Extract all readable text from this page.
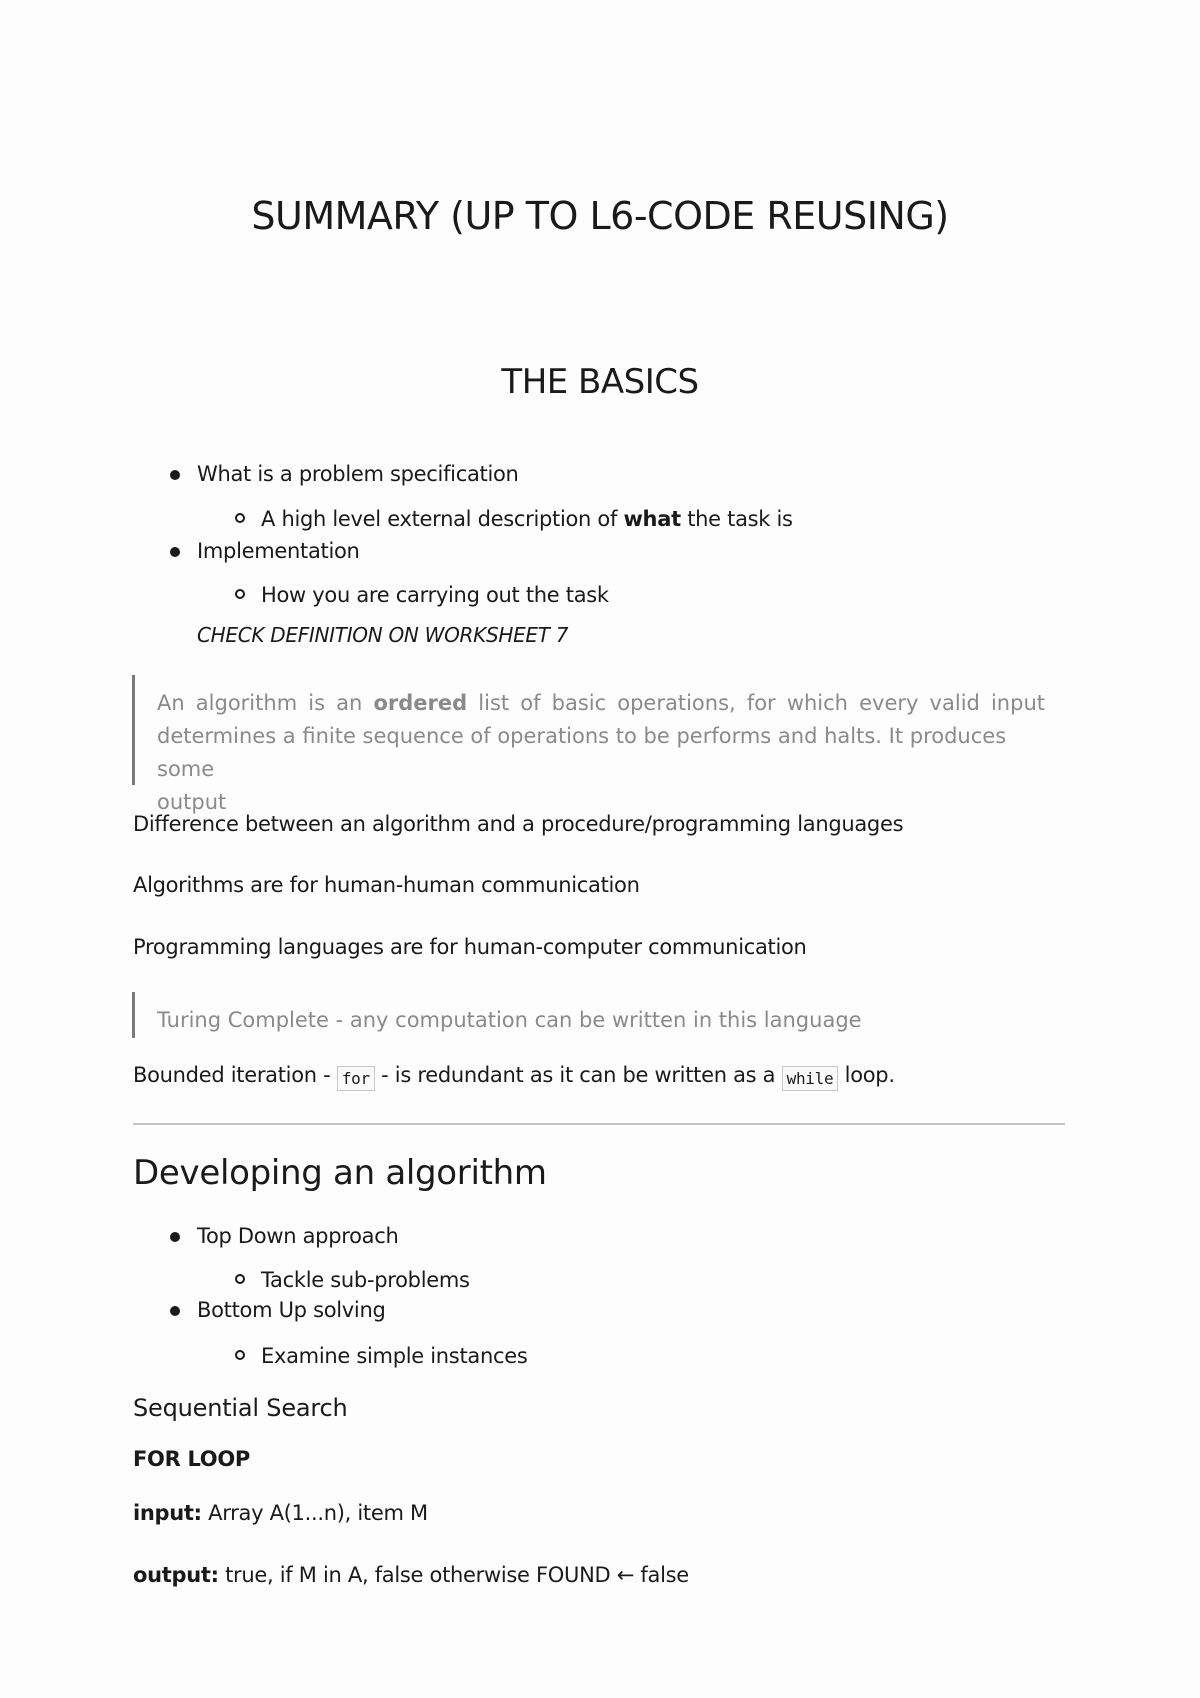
SUMMARY (UP TO L6-CODE REUSING)
THE BASICS

What is a problem specification

A high level external description of what the task is

Implementation

How you are carrying out the task

CHECK DEFINITION ON WORKSHEET 7

An algorithm is an ordered list of basic operations, for which every valid input
determines a finite sequence of operations to be performs and halts. It produces some
output

Difference between an algorithm and a procedure/programming languages

Algorithms are for human-human communication

Programming languages are for human-computer communication

Turing Complete - any computation can be written in this language

Bounded iteration - for - is redundant as it can be written as a while loop.

Developing an algorithm

Top Down approach

Tackle sub-problems

Bottom Up solving

Examine simple instances

Sequential Search

FOR LOOP

input: Array A(1...n), item M

output: true, if M in A, false otherwise FOUND ← false
